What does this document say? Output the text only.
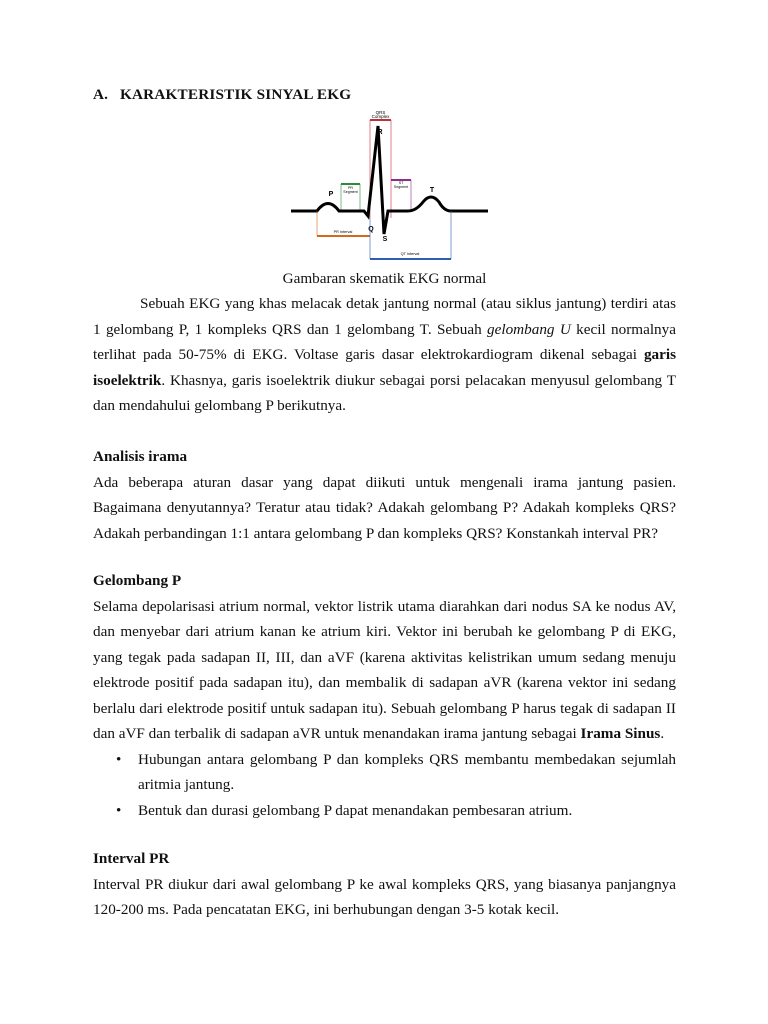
A. KARAKTERISTIK SINYAL EKG
QRS
Complex
R
PR
Segment
ST
Segment
P
T
Q
S
PR Interval
QT Interval
Gambaran skematik EKG normal

Sebuah EKG yang khas melacak detak jantung normal (atau siklus jantung) terdiri atas 1 gelombang P, 1 kompleks QRS dan 1 gelombang T. Sebuah gelombang U kecil normalnya terlihat pada 50-75% di EKG. Voltase garis dasar elektrokardiogram dikenal sebagai garis isoelektrik. Khasnya, garis isoelektrik diukur sebagai porsi pelacakan menyusul gelombang T dan mendahului gelombang P berikutnya.

Analisis irama

Ada beberapa aturan dasar yang dapat diikuti untuk mengenali irama jantung pasien. Bagaimana denyutannya? Teratur atau tidak? Adakah gelombang P? Adakah kompleks QRS? Adakah perbandingan 1:1 antara gelombang P dan kompleks QRS? Konstankah interval PR?

Gelombang P

Selama depolarisasi atrium normal, vektor listrik utama diarahkan dari nodus SA ke nodus AV, dan menyebar dari atrium kanan ke atrium kiri. Vektor ini berubah ke gelombang P di EKG, yang tegak pada sadapan II, III, dan aVF (karena aktivitas kelistrikan umum sedang menuju elektrode positif pada sadapan itu), dan membalik di sadapan aVR (karena vektor ini sedang berlalu dari elektrode positif untuk sadapan itu). Sebuah gelombang P harus tegak di sadapan II dan aVF dan terbalik di sadapan aVR untuk menandakan irama jantung sebagai Irama Sinus.

• Hubungan antara gelombang P dan kompleks QRS membantu membedakan sejumlah aritmia jantung.
• Bentuk dan durasi gelombang P dapat menandakan pembesaran atrium.
Interval PR

Interval PR diukur dari awal gelombang P ke awal kompleks QRS, yang biasanya panjangnya 120-200 ms. Pada pencatatan EKG, ini berhubungan dengan 3-5 kotak kecil.
